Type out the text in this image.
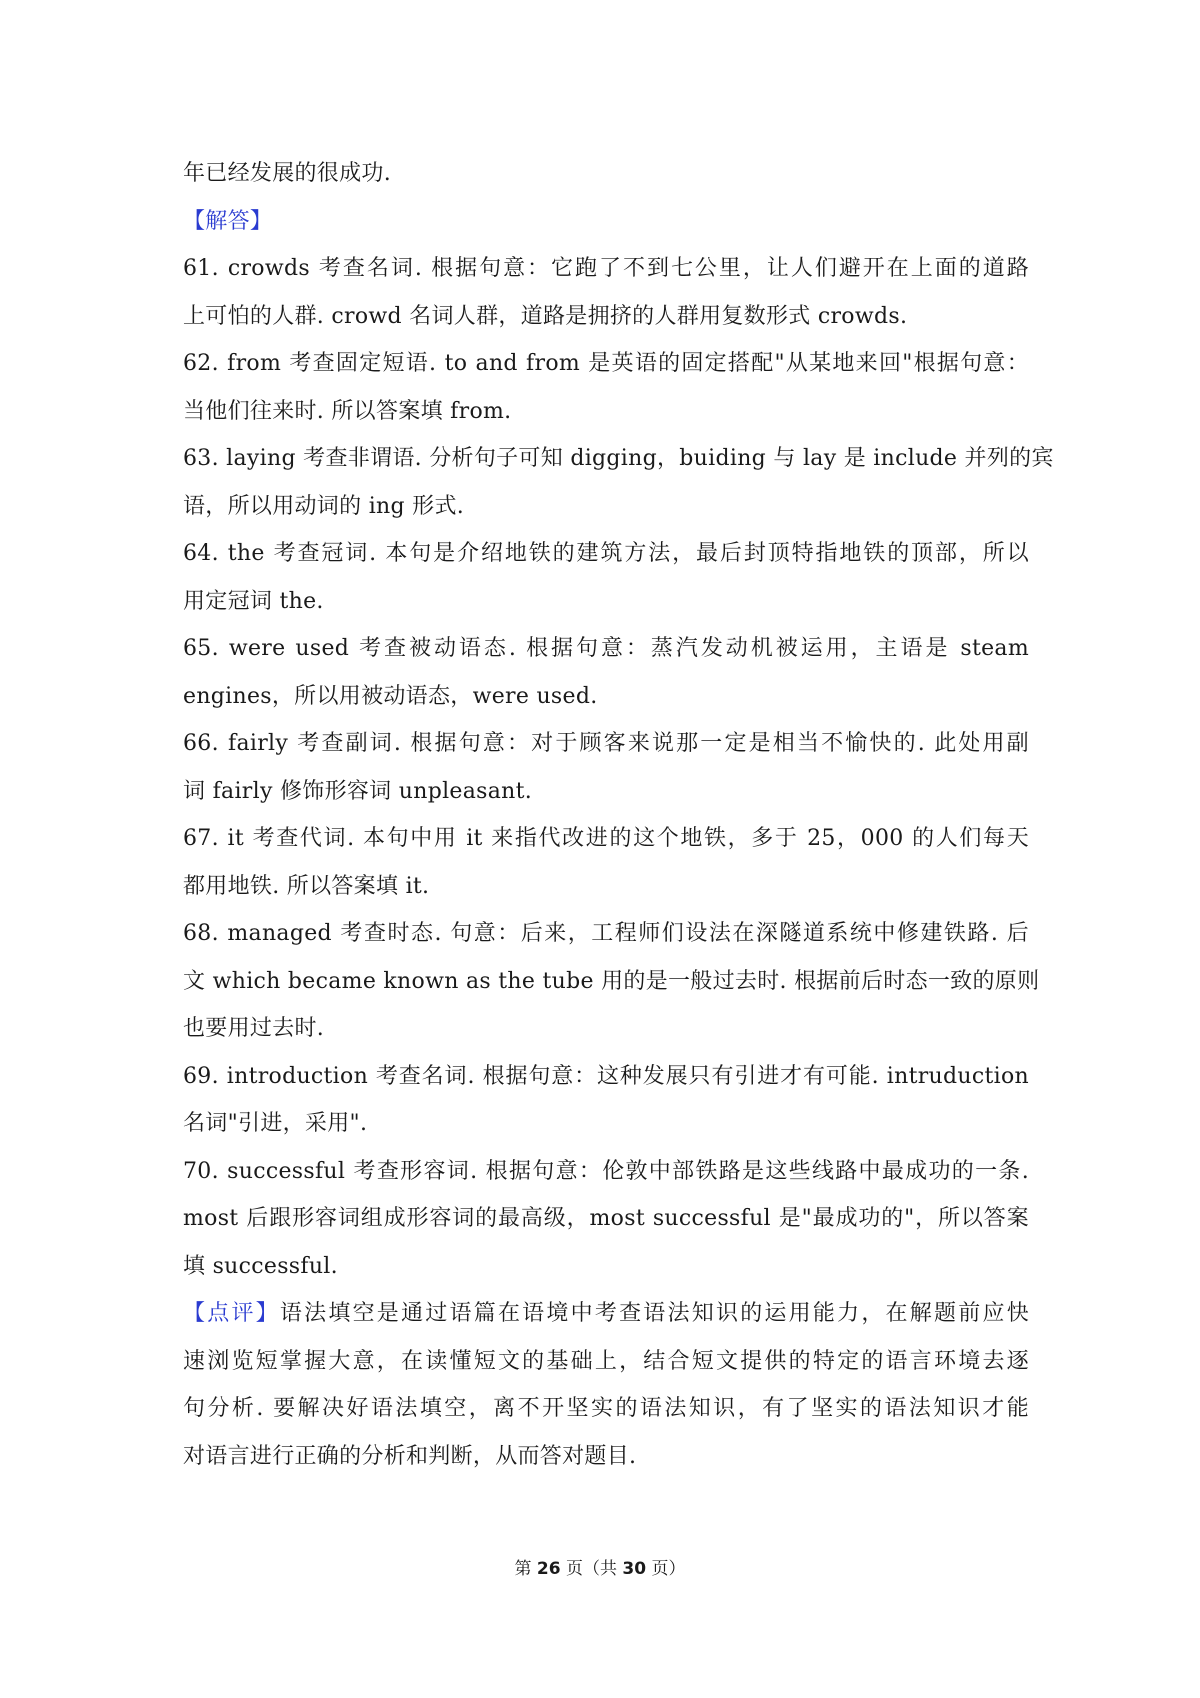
年已经发展的很成功.
【解答】
61. crowds 考查名词. 根据句意：它跑了不到七公里，让人们避开在上面的道路
上可怕的人群. crowd 名词人群，道路是拥挤的人群用复数形式 crowds.
62. from 考查固定短语. to and from 是英语的固定搭配"从某地来回"根据句意：
当他们往来时. 所以答案填 from.
63. laying 考查非谓语. 分析句子可知 digging，buiding 与 lay 是 include 并列的宾
语，所以用动词的 ing 形式.
64. the 考查冠词. 本句是介绍地铁的建筑方法，最后封顶特指地铁的顶部，所以
用定冠词 the.
65. were used 考查被动语态. 根据句意：蒸汽发动机被运用，主语是 steam
engines，所以用被动语态，were used.
66. fairly 考查副词. 根据句意：对于顾客来说那一定是相当不愉快的. 此处用副
词 fairly 修饰形容词 unpleasant.
67. it 考查代词. 本句中用 it 来指代改进的这个地铁，多于 25，000 的人们每天
都用地铁. 所以答案填 it.
68. managed 考查时态. 句意：后来，工程师们设法在深隧道系统中修建铁路. 后
文 which became known as the tube 用的是一般过去时. 根据前后时态一致的原则
也要用过去时.
69. introduction 考查名词. 根据句意：这种发展只有引进才有可能. intruduction
名词"引进，采用".
70. successful 考查形容词. 根据句意：伦敦中部铁路是这些线路中最成功的一条.
most 后跟形容词组成形容词的最高级，most successful 是"最成功的"，所以答案
填 successful.
【点评】语法填空是通过语篇在语境中考查语法知识的运用能力，在解题前应快
速浏览短掌握大意，在读懂短文的基础上，结合短文提供的特定的语言环境去逐
句分析. 要解决好语法填空，离不开坚实的语法知识，有了坚实的语法知识才能
对语言进行正确的分析和判断，从而答对题目.
第 26 页（共 30 页）
